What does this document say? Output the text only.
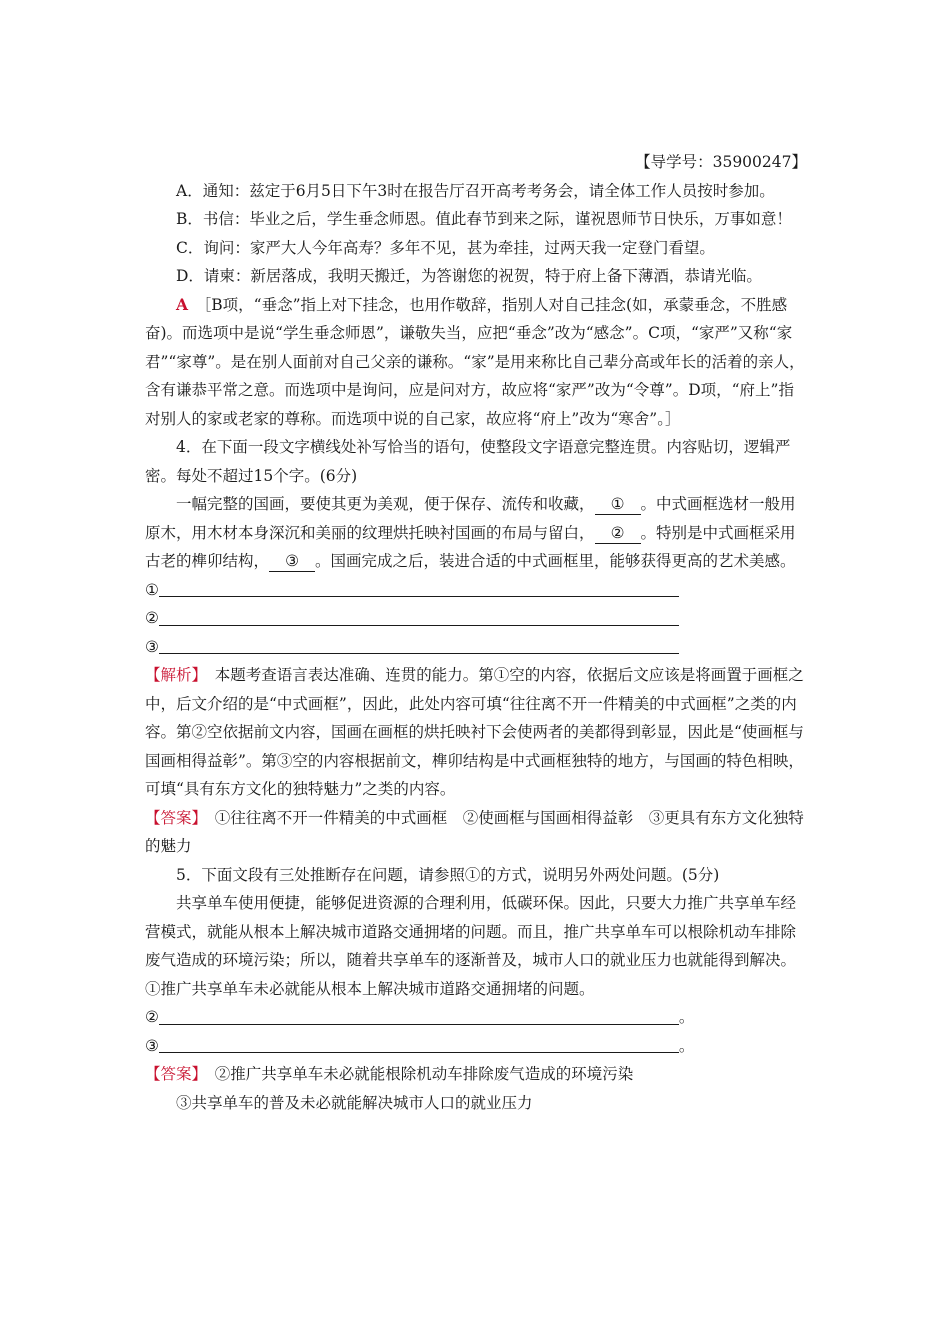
【导学号：35900247】

A．通知：兹定于6月5日下午3时在报告厅召开高考考务会，请全体工作人员按时参加。

B．书信：毕业之后，学生垂念师恩。值此春节到来之际，谨祝恩师节日快乐，万事如意！

C．询问：家严大人今年高寿？多年不见，甚为牵挂，过两天我一定登门看望。

D．请柬：新居落成，我明天搬迁，为答谢您的祝贺，特于府上备下薄酒，恭请光临。

A　 ［B项，“垂念”指上对下挂念，也用作敬辞，指别人对自己挂念(如，承蒙垂念，不胜感奋)。而选项中是说“学生垂念师恩”，谦敬失当，应把“垂念”改为“感念”。C项，“家严”又称“家君”“家尊”。是在别人面前对自己父亲的谦称。“家”是用来称比自己辈分高或年长的活着的亲人，含有谦恭平常之意。而选项中是询问，应是问对方，故应将“家严”改为“令尊”。D项，“府上”指对别人的家或老家的尊称。而选项中说的自己家，故应将“府上”改为“寒舍”。］

4．在下面一段文字横线处补写恰当的语句，使整段文字语意完整连贯。内容贴切，逻辑严密。每处不超过15个字。(6分)

一幅完整的国画，要使其更为美观，便于保存、流传和收藏， ① 。中式画框选材一般用原木，用木材本身深沉和美丽的纹理烘托映衬国画的布局与留白， ② 。特别是中式画框采用古老的榫卯结构， ③ 。国画完成之后，装进合适的中式画框里，能够获得更高的艺术美感。

①
②
③

【解析】　 本题考查语言表达准确、连贯的能力。第①空的内容，依据后文应该是将画置于画框之中，后文介绍的是“中式画框”，因此，此处内容可填“往往离不开一件精美的中式画框”之类的内容。第②空依据前文内容，国画在画框的烘托映衬下会使两者的美都得到彰显，因此是“使画框与国画相得益彰”。第③空的内容根据前文，榫卯结构是中式画框独特的地方，与国画的特色相映，可填“具有东方文化的独特魅力”之类的内容。

【答案】　 ①往往离不开一件精美的中式画框　②使画框与国画相得益彰　③更具有东方文化独特的魅力

5．下面文段有三处推断存在问题，请参照①的方式，说明另外两处问题。(5分)

共享单车使用便捷，能够促进资源的合理利用，低碳环保。因此，只要大力推广共享单车经营模式，就能从根本上解决城市道路交通拥堵的问题。而且，推广共享单车可以根除机动车排除废气造成的环境污染；所以，随着共享单车的逐渐普及，城市人口的就业压力也就能得到解决。

①推广共享单车未必就能从根本上解决城市道路交通拥堵的问题。

②	。
③	。

【答案】　 ②推广共享单车未必就能根除机动车排除废气造成的环境污染

③共享单车的普及未必就能解决城市人口的就业压力
